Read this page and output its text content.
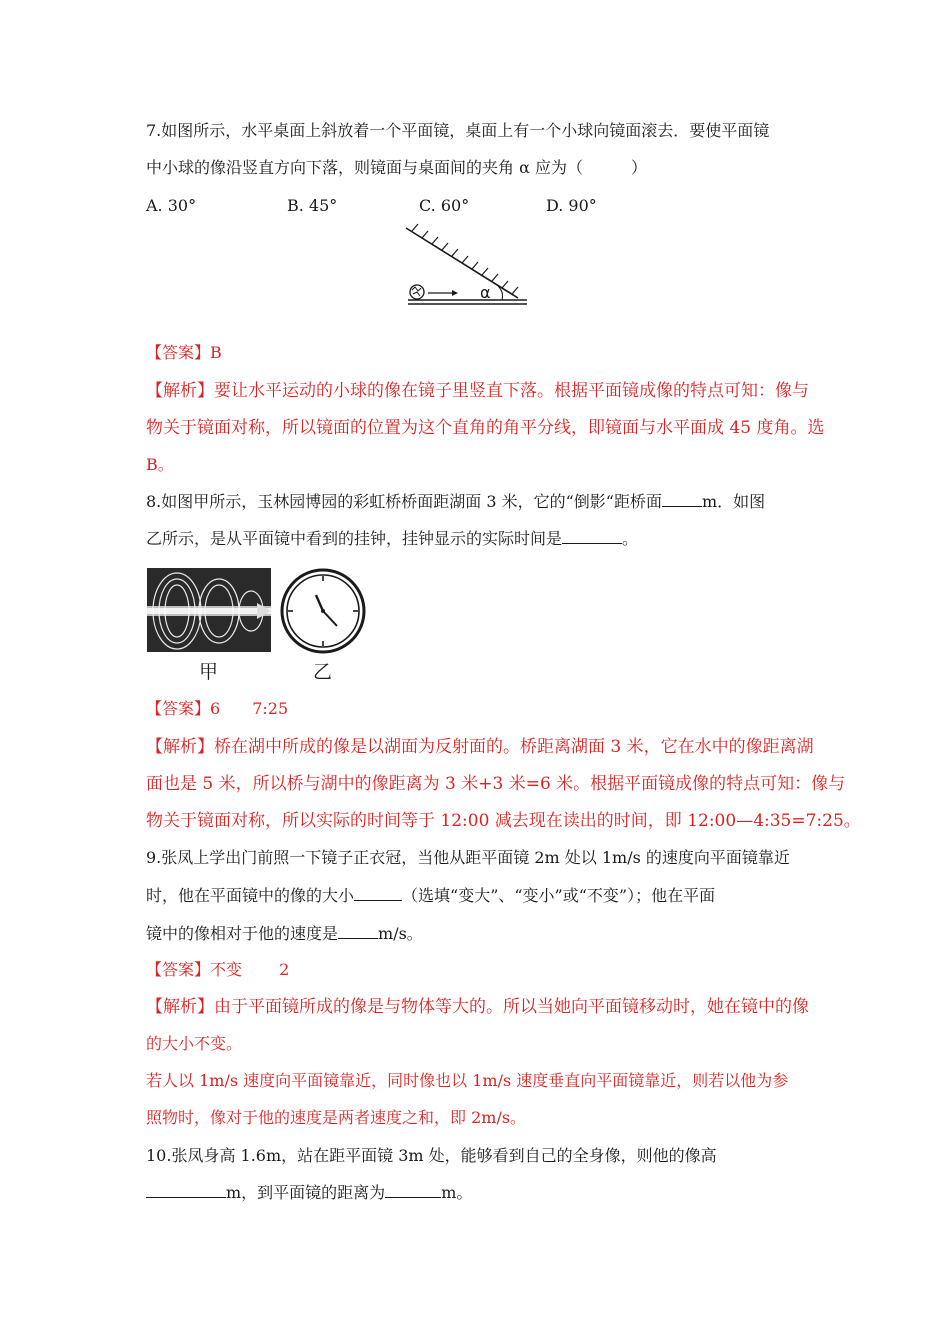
7.如图所示，水平桌面上斜放着一个平面镜，桌面上有一个小球向镜面滚去．要使平面镜
中小球的像沿竖直方向下落，则镜面与桌面间的夹角 α 应为（　　　）
A. 30°	B. 45°	C. 60°	D. 90°
α
【答案】B
【解析】要让水平运动的小球的像在镜子里竖直下落。根据平面镜成像的特点可知：像与
物关于镜面对称，所以镜面的位置为这个直角的角平分线，即镜面与水平面成 45 度角。选
B。
8.如图甲所示，玉林园博园的彩虹桥桥面距湖面 3 米，它的“倒影“距桥面	m．如图
乙所示，是从平面镜中看到的挂钟，挂钟显示的实际时间是	。
甲	乙
【答案】6　　7:25
【解析】桥在湖中所成的像是以湖面为反射面的。桥距离湖面 3 米，它在水中的像距离湖
面也是 5 米，所以桥与湖中的像距离为 3 米+3 米=6 米。根据平面镜成像的特点可知：像与
物关于镜面对称，所以实际的时间等于 12:00 减去现在读出的时间，即 12:00—4:35=7:25。
9.张凤上学出门前照一下镜子正衣冠，当他从距平面镜 2m 处以 1m/s 的速度向平面镜靠近
时，他在平面镜中的像的大小	（选填“变大”、“变小”或“不变”）；他在平面
镜中的像相对于他的速度是	m/s。
【答案】不变　　 2
【解析】由于平面镜所成的像是与物体等大的。所以当她向平面镜移动时，她在镜中的像
的大小不变。
若人以 1m/s 速度向平面镜靠近，同时像也以 1m/s 速度垂直向平面镜靠近，则若以他为参
照物时，像对于他的速度是两者速度之和，即 2m/s。
10.张凤身高 1.6m，站在距平面镜 3m 处，能够看到自己的全身像，则他的像高
m，到平面镜的距离为	m。
